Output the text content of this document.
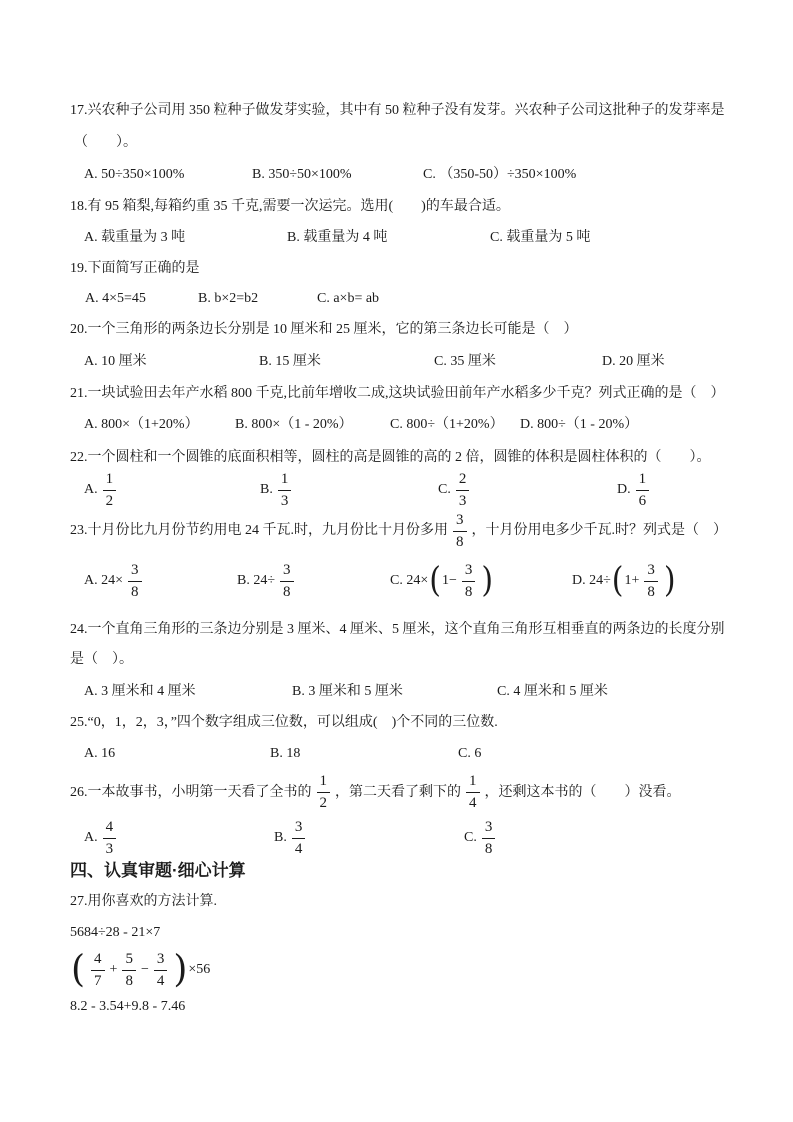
17.兴农种子公司用 350 粒种子做发芽实验，其中有 50 粒种子没有发芽。兴农种子公司这批种子的发芽率是
（　　）。
A. 50÷350×100%	B. 350÷50×100%	C. （350-50）÷350×100%
18.有 95 箱梨,每箱约重 35 千克,需要一次运完。选用(　　)的车最合适。
A. 载重量为 3 吨	B. 载重量为 4 吨	C. 载重量为 5 吨
19.下面简写正确的是
A. 4×5=45	B. b×2=b2	C. a×b= ab
20.一个三角形的两条边长分别是 10 厘米和 25 厘米，它的第三条边长可能是（　）
A. 10 厘米	B. 15 厘米	C. 35 厘米	D. 20 厘米
21.一块试验田去年产水稻 800 千克,比前年增收二成,这块试验田前年产水稻多少千克？列式正确的是（　）
A. 800×（1+20%）	B. 800×（1 - 20%）	C. 800÷（1+20%） D. 800÷（1 - 20%）
22.一个圆柱和一个圆锥的底面积相等，圆柱的高是圆锥的高的 2 倍，圆锥的体积是圆柱体积的（　　）。
A. $\frac{1}{2}$	B. $\frac{1}{3}$	C. $\frac{2}{3}$	D. $\frac{1}{6}$
23.十月份比九月份节约用电 24 千瓦.时，九月份比十月份多用 $\frac{3}{8}$ ，十月份用电多少千瓦.时？列式是（　）
A. $24\times \frac{3}{8}$	B. $24\div \frac{3}{8}$	C. 24× ( $1- \frac{3}{8}$ )	D. 24÷ ( $1+ \frac{3}{8}$ )
24.一个直角三角形的三条边分别是 3 厘米、4 厘米、5 厘米，这个直角三角形互相垂直的两条边的长度分别
是（　）。
A. 3 厘米和 4 厘米	B. 3 厘米和 5 厘米	C. 4 厘米和 5 厘米
25.“0，1，2，3，”四个数字组成三位数，可以组成(　)个不同的三位数.
A. 16	B. 18	C. 6
26.一本故事书，小明第一天看了全书的 $\frac{1}{2}$ ，第二天看了剩下的 $\frac{1}{4}$ ，还剩这本书的（　　）没看。
A. $\frac{4}{3}$	B. $\frac{3}{4}$	C. $\frac{3}{8}$
四、认真审题·细心计算
27.用你喜欢的方法计算.
5684÷28 - 21×7
( $\frac{4}{7} + \frac{5}{8} - \frac{3}{4}$ ) ×56
8.2 - 3.54+9.8 - 7.46
